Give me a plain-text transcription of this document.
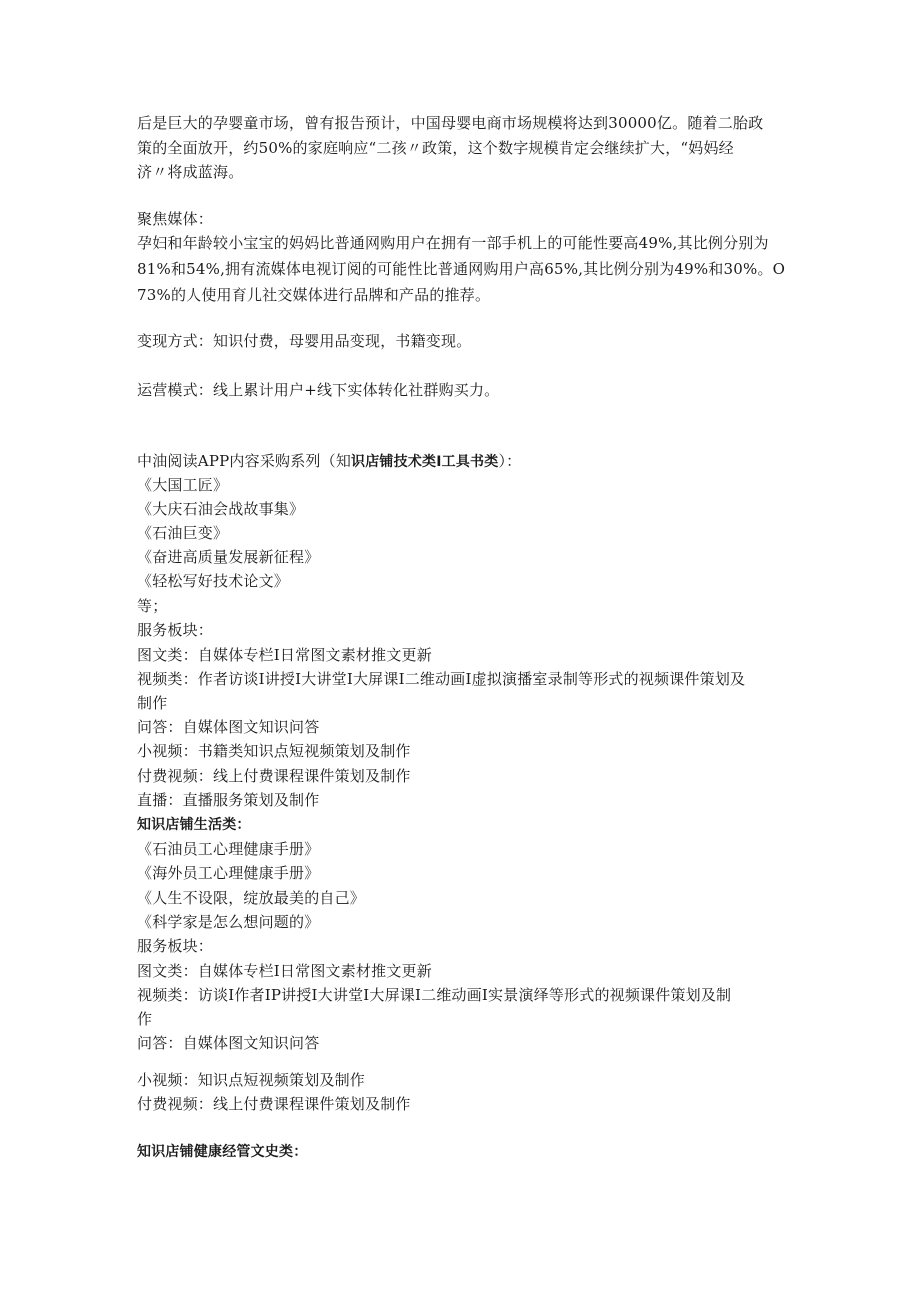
后是巨大的孕婴童市场，曾有报告预计，中国母婴电商市场规模将达到30000亿。随着二胎政
策的全面放开，约50%的家庭响应“二孩〃政策，这个数字规模肯定会继续扩大，“妈妈经
济〃将成蓝海。
聚焦媒体：
孕妇和年龄较小宝宝的妈妈比普通网购用户在拥有一部手机上的可能性要高49%,其比例分别为
81%和54%,拥有流媒体电视订阅的可能性比普通网购用户高65%,其比例分别为49%和30%。O
73%的人使用育儿社交媒体进行品牌和产品的推荐。
变现方式：知识付费，母婴用品变现，书籍变现。
运营模式：线上累计用户+线下实体转化社群购买力。
中油阅读APP内容采购系列（知识店铺技术类I工具书类）：
《大国工匠》
《大庆石油会战故事集》
《石油巨变》
《奋进高质量发展新征程》
《轻松写好技术论文》
等；
服务板块：
图文类：自媒体专栏I日常图文素材推文更新
视频类：作者访谈I讲授I大讲堂I大屏课I二维动画I虚拟演播室录制等形式的视频课件策划及
制作
问答：自媒体图文知识问答
小视频：书籍类知识点短视频策划及制作
付费视频：线上付费课程课件策划及制作
直播：直播服务策划及制作
知识店铺生活类：
《石油员工心理健康手册》
《海外员工心理健康手册》
《人生不设限，绽放最美的自己》
《科学家是怎么想问题的》
服务板块：
图文类：自媒体专栏I日常图文素材推文更新
视频类：访谈I作者IP讲授I大讲堂I大屏课I二维动画I实景演绎等形式的视频课件策划及制
作
问答：自媒体图文知识问答
小视频：知识点短视频策划及制作
付费视频：线上付费课程课件策划及制作
知识店铺健康经管文史类：
